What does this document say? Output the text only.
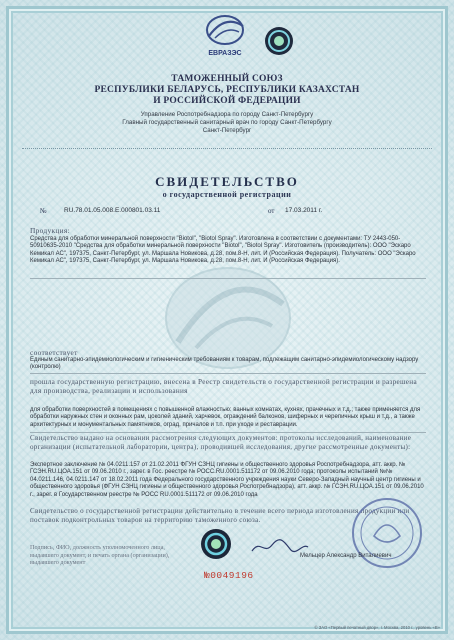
ЕВРАЗЭС
ТАМОЖЕННЫЙ СОЮЗ
РЕСПУБЛИКИ БЕЛАРУСЬ, РЕСПУБЛИКИ КАЗАХСТАН
И РОССИЙСКОЙ ФЕДЕРАЦИИ
Управление Роспотребнадзора по городу Санкт-Петербургу
Главный государственный санитарный врач по городу Санкт-Петербургу
Санкт-Петербург
СВИДЕТЕЛЬСТВО
о государственной регистрации
№	RU.78.01.05.008.Е.000801.03.11	от 17.03.2011 г.
Продукция:
Средства для обработки минеральной поверхности "Biotol", "Biotol Spray". Изготовлена в соответствии с документами: ТУ 2443-050-50910635-2010 "Средства для обработки минеральной поверхности "Biotol", "Biotol Spray". Изготовитель (производитель): ООО "Эскаро Кемикал АС", 197375, Санкт-Петербург, ул. Маршала Новикова, д.28, пом.8-Н, лит. И (Российская Федерация). Получатель: ООО "Эскаро Кемикал АС", 197375, Санкт-Петербург, ул. Маршала Новикова, д.28, пом.8-Н, лит. И (Российская Федерация).
соответствует
Единым санитарно-эпидемиологическим и гигиеническим требованиям к товарам, подлежащим санитарно-эпидемиологическому надзору (контролю)
прошла государственную регистрацию, внесена в Реестр свидетельств о государственной регистрации и разрешена для производства, реализации и использования
для обработки поверхностей в помещениях с повышенной влажностью: ванных комнатах, кухнях, прачечных и т.д.; также применяется для обработки наружных стен и оконных рам, цоколей зданий, харчевок, ограждений балконов, шиферных и черепичных крыш и т.д., а также архитектурных и монументальных памятников, оград, причалов и т.п. при уходе и реставрации.
Свидетельство выдано на основании рассмотрения следующих документов: протоколы исследований, наименование организации (испытательной лаборатории, центра), проводившей исследования, другие рассмотренные документы):
Экспертное заключение № 04.0211.157 от 21.02.2011 ФГУН СЗНЦ гигиены и общественного здоровья Роспотребнадзора, атт. аккр. № ГСЭН.RU.ЦОА.151 от 09.06.2010 г., зарег. в Гос. реестре № РОСС.RU.0001.511172 от 09.06.2010 года; протоколы испытаний №№ 04.0211.146, 04.0211.147 от 18.02.2011 года Федерального государственного учреждения науки Северо-Западный научный центр гигиены и общественного здоровья (ФГУН СЗНЦ гигиены и общественного здоровья Роспотребнадзора), атт. аккр. № ГСЭН.RU.ЦОА.151 от 09.06.2010 г., зарег. в Государственном реестре № РОСС RU.0001.511172 от 09.06.2010 года
Свидетельство о государственной регистрации действительно в течение всего периода изготовления продукции или поставок подконтрольных товаров на территорию таможенного союза.
Подпись, ФИО, должность уполномоченного лица, выдавшего документ, и печать органа (организации), выдавшего документ
Мельцер Александр Виталиевич
№0049196
© ЗАО «Первый печатный двор», г. Москва, 2010 г., уровень «В»
